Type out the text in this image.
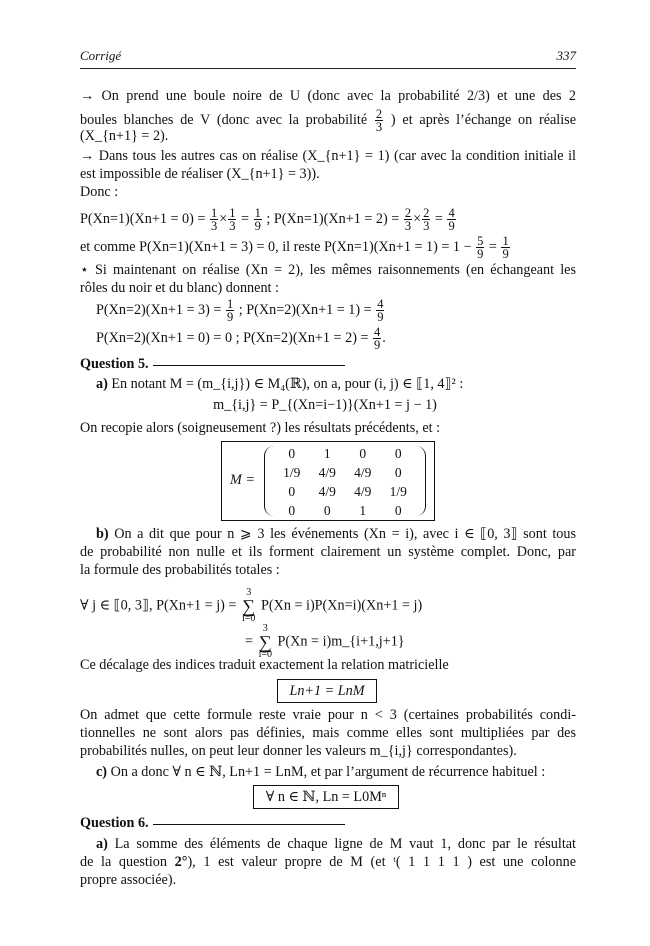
Corrigé	337
→ On prend une boule noire de U (donc avec la probabilité 2/3) et une des 2
boules blanches de V (donc avec la probabilité $\frac{2}{3}$ ) et après l’échange on réalise
(X_{n+1} = 2).
→ Dans tous les autres cas on réalise (X_{n+1} = 1) (car avec la condition initiale il
est impossible de réaliser (X_{n+1} = 3)).
Donc :
$P(Xn=1)(Xn+1 = 0) = \frac{1}{3} \times \frac{1}{3} = \frac{1}{9}$ ; $P(Xn=1)(Xn+1 = 2) = \frac{2}{3} \times \frac{2}{3} = \frac{4}{9}$
et comme P(Xn=1)(Xn+1 = 3) = 0, il reste $P(Xn=1)(Xn+1 = 1) = 1 - \frac{5}{9} = \frac{1}{9}$
⋆ Si maintenant on réalise (Xn = 2), les mêmes raisonnements (en échangeant les
rôles du noir et du blanc) donnent :
$P(Xn=2)(Xn+1 = 3) = \frac{1}{9}$ ; $P(Xn=2)(Xn+1 = 1) = \frac{4}{9}$
P(Xn=2)(Xn+1 = 0) = 0 ; $P(Xn=2)(Xn+1 = 2) = \frac{4}{9}$ .
Question 5.
a) En notant M = (m_{i,j}) ∈ M₄(ℝ), on a, pour (i, j) ∈ ⟦1, 4⟧² :
m_{i,j} = P_{(Xn=i−1)}(Xn+1 = j − 1)
On recopie alors (soigneusement ?) les résultats précédents, et :
M =
0	1	0	0
1/9	4/9	4/9	0
0	4/9	4/9	1/9
0	0	1	0
b) On a dit que pour n ⩾ 3 les événements (Xn = i), avec i ∈ ⟦0, 3⟧ sont tous
de probabilité non nulle et ils forment clairement un système complet. Donc, par
la formule des probabilités totales :
∀ j ∈ ⟦0, 3⟧, P(Xn+1 = j) = 3
∑
i=0 P(Xn = i)P(Xn=i)(Xn+1 = j)
= 3
∑
i=0 P(Xn = i)m_{i+1,j+1}
Ce décalage des indices traduit exactement la relation matricielle
Ln+1 = LnM
On admet que cette formule reste vraie pour n < 3 (certaines probabilités condi-
tionnelles ne sont alors pas définies, mais comme elles sont multipliées par des
probabilités nulles, on peut leur donner les valeurs m_{i,j} correspondantes).
c) On a donc ∀ n ∈ ℕ, Ln+1 = LnM, et par l’argument de récurrence habituel :
∀ n ∈ ℕ, Ln = L0Mⁿ
Question 6.
a) La somme des éléments de chaque ligne de M vaut 1, donc par le résultat
de la question 2°), 1 est valeur propre de M (et ᵗ( 1 1 1 1 ) est une colonne
propre associée).
